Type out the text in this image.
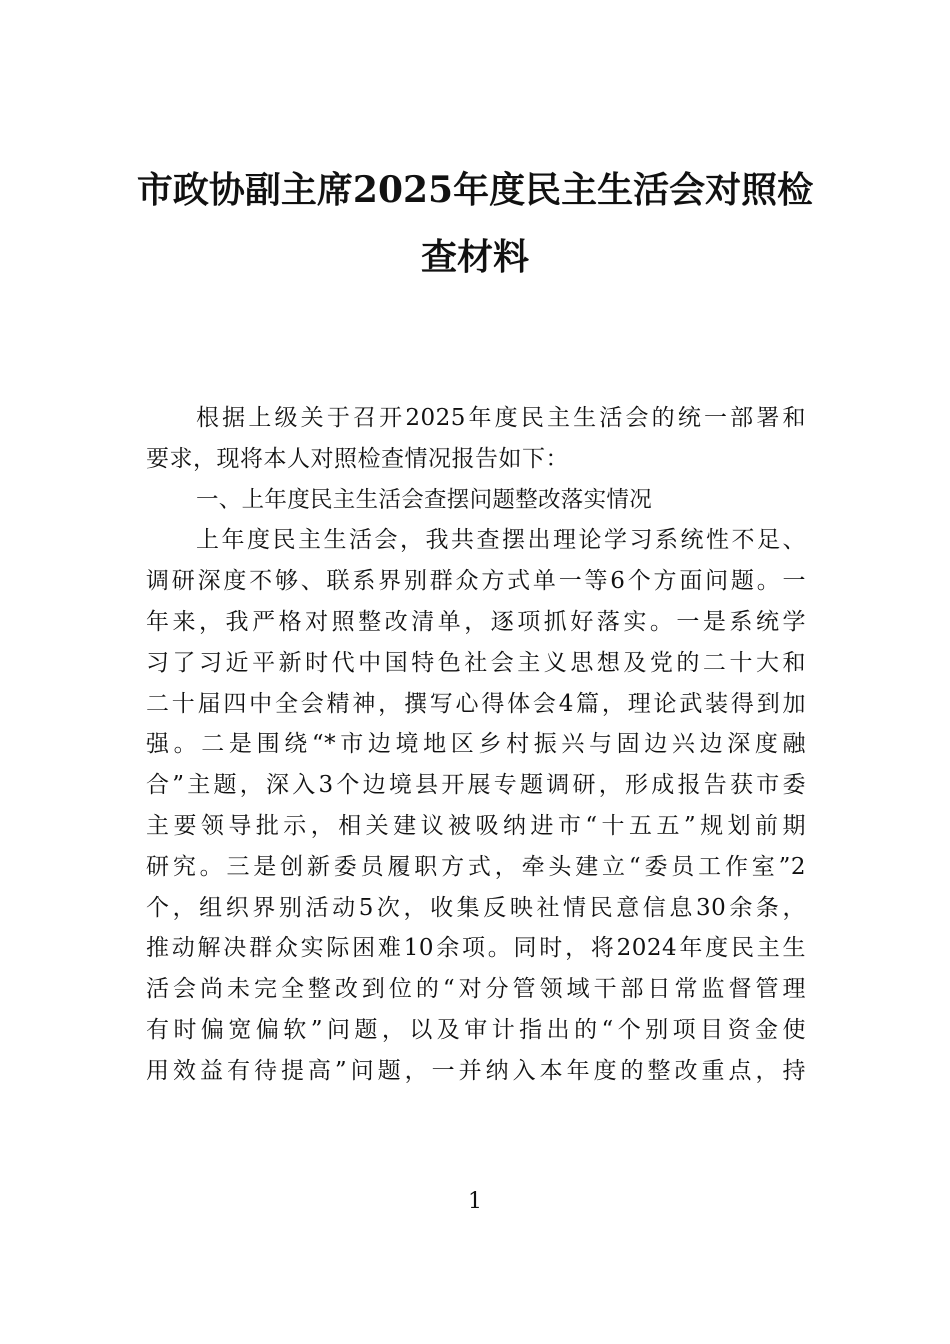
市政协副主席2025年度民主生活会对照检
查材料
根据上级关于召开2025年度民主生活会的统一部署和
要求，现将本人对照检查情况报告如下：
一、上年度民主生活会查摆问题整改落实情况
上年度民主生活会，我共查摆出理论学习系统性不足、
调研深度不够、联系界别群众方式单一等6个方面问题。一
年来，我严格对照整改清单，逐项抓好落实。一是系统学
习了习近平新时代中国特色社会主义思想及党的二十大和
二十届四中全会精神，撰写心得体会4篇，理论武装得到加
强。二是围绕“*市边境地区乡村振兴与固边兴边深度融
合”主题，深入3个边境县开展专题调研，形成报告获市委
主要领导批示，相关建议被吸纳进市“十五五”规划前期
研究。三是创新委员履职方式，牵头建立“委员工作室”2
个，组织界别活动5次，收集反映社情民意信息30余条，
推动解决群众实际困难10余项。同时，将2024年度民主生
活会尚未完全整改到位的“对分管领域干部日常监督管理
有时偏宽偏软”问题，以及审计指出的“个别项目资金使
用效益有待提高”问题，一并纳入本年度的整改重点，持
1
